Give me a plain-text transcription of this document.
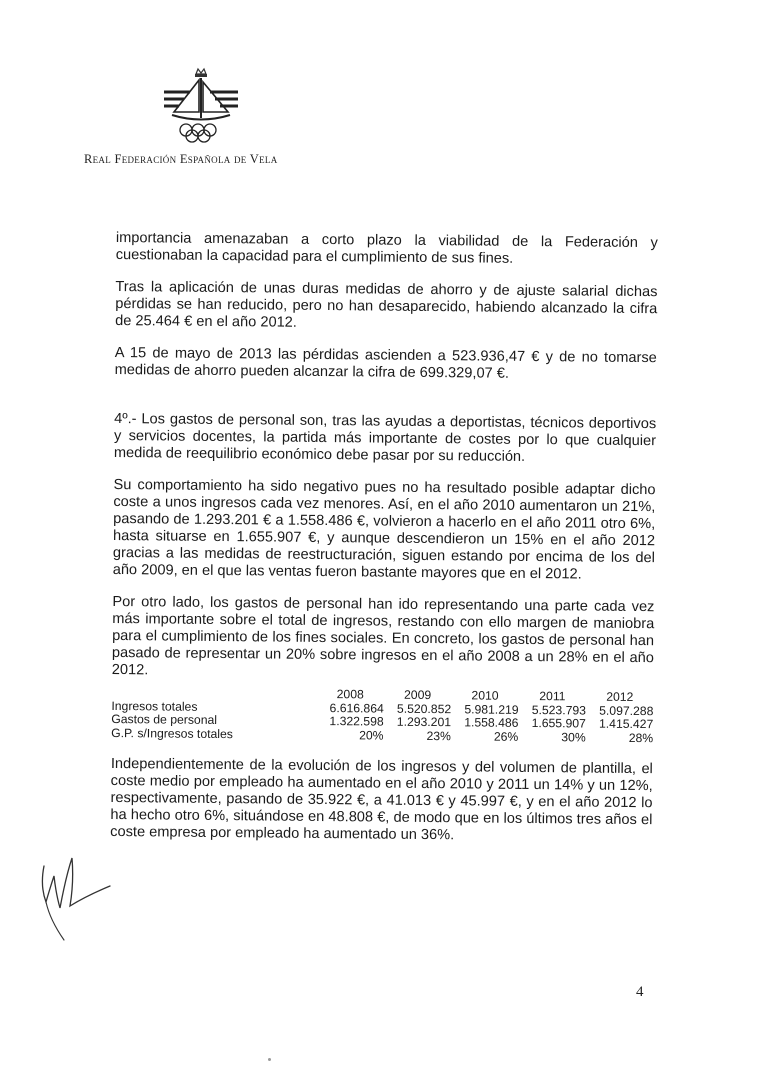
Real Federación Española de Vela

importancia amenazaban a corto plazo la viabilidad de la Federación y cuestionaban la capacidad para el cumplimiento de sus fines.

Tras la aplicación de unas duras medidas de ahorro y de ajuste salarial dichas pérdidas se han reducido, pero no han desaparecido, habiendo alcanzado la cifra de 25.464 € en el año 2012.

A 15 de mayo de 2013 las pérdidas ascienden a 523.936,47 € y de no tomarse medidas de ahorro pueden alcanzar la cifra de 699.329,07 €.

4º.- Los gastos de personal son, tras las ayudas a deportistas, técnicos deportivos y servicios docentes, la partida más importante de costes por lo que cualquier medida de reequilibrio económico debe pasar por su reducción.

Su comportamiento ha sido negativo pues no ha resultado posible adaptar dicho coste a unos ingresos cada vez menores. Así, en el año 2010 aumentaron un 21%, pasando de 1.293.201 € a 1.558.486 €, volvieron a hacerlo en el año 2011 otro 6%, hasta situarse en 1.655.907 €, y aunque descendieron un 15% en el año 2012 gracias a las medidas de reestructuración, siguen estando por encima de los del año 2009, en el que las ventas fueron bastante mayores que en el 2012.

Por otro lado, los gastos de personal han ido representando una parte cada vez más importante sobre el total de ingresos, restando con ello margen de maniobra para el cumplimiento de los fines sociales. En concreto, los gastos de personal han pasado de representar un 20% sobre ingresos en el año 2008 a un 28% en el año 2012.

	2008	2009	2010	2011	2012
Ingresos totales	6.616.864	5.520.852	5.981.219	5.523.793	5.097.288
Gastos de personal	1.322.598	1.293.201	1.558.486	1.655.907	1.415.427
G.P. s/Ingresos totales	20%	23%	26%	30%	28%

Independientemente de la evolución de los ingresos y del volumen de plantilla, el coste medio por empleado ha aumentado en el año 2010 y 2011 un 14% y un 12%, respectivamente, pasando de 35.922 €, a 41.013 € y 45.997 €, y en el año 2012 lo ha hecho otro 6%, situándose en 48.808 €, de modo que en los últimos tres años el coste empresa por empleado ha aumentado un 36%.

4
